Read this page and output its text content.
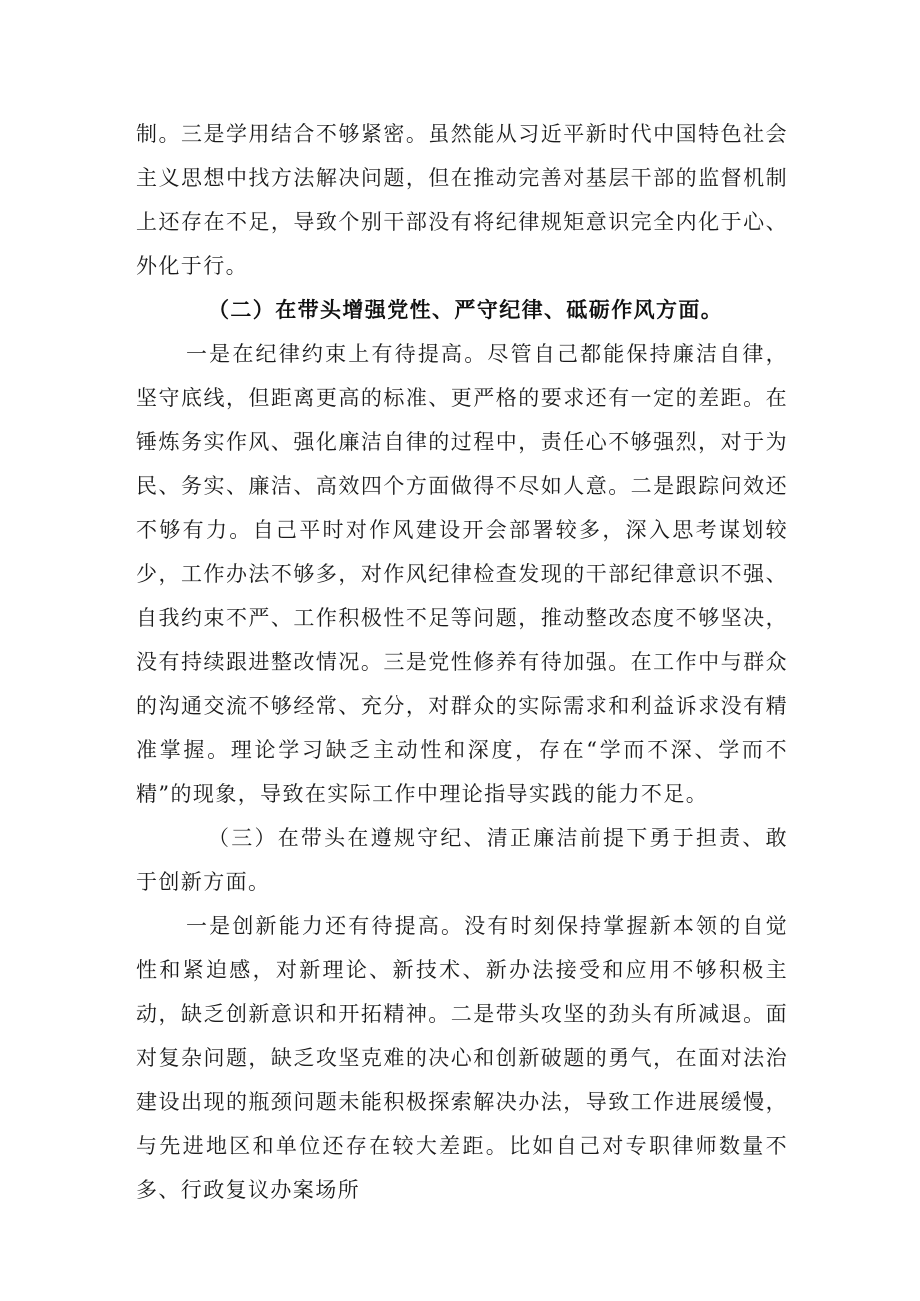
制。三是学用结合不够紧密。虽然能从习近平新时代中国特色社会主义思想中找方法解决问题，但在推动完善对基层干部的监督机制上还存在不足，导致个别干部没有将纪律规矩意识完全内化于心、外化于行。

（二）在带头增强党性、严守纪律、砥砺作风方面。

一是在纪律约束上有待提高。尽管自己都能保持廉洁自律，坚守底线，但距离更高的标准、更严格的要求还有一定的差距。在锤炼务实作风、强化廉洁自律的过程中，责任心不够强烈，对于为民、务实、廉洁、高效四个方面做得不尽如人意。二是跟踪问效还不够有力。自己平时对作风建设开会部署较多，深入思考谋划较少，工作办法不够多，对作风纪律检查发现的干部纪律意识不强、自我约束不严、工作积极性不足等问题，推动整改态度不够坚决，没有持续跟进整改情况。三是党性修养有待加强。在工作中与群众的沟通交流不够经常、充分，对群众的实际需求和利益诉求没有精准掌握。理论学习缺乏主动性和深度，存在“学而不深、学而不精”的现象，导致在实际工作中理论指导实践的能力不足。

（三）在带头在遵规守纪、清正廉洁前提下勇于担责、敢于创新方面。

一是创新能力还有待提高。没有时刻保持掌握新本领的自觉性和紧迫感，对新理论、新技术、新办法接受和应用不够积极主动，缺乏创新意识和开拓精神。二是带头攻坚的劲头有所减退。面对复杂问题，缺乏攻坚克难的决心和创新破题的勇气，在面对法治建设出现的瓶颈问题未能积极探索解决办法，导致工作进展缓慢，与先进地区和单位还存在较大差距。比如自己对专职律师数量不多、行政复议办案场所
